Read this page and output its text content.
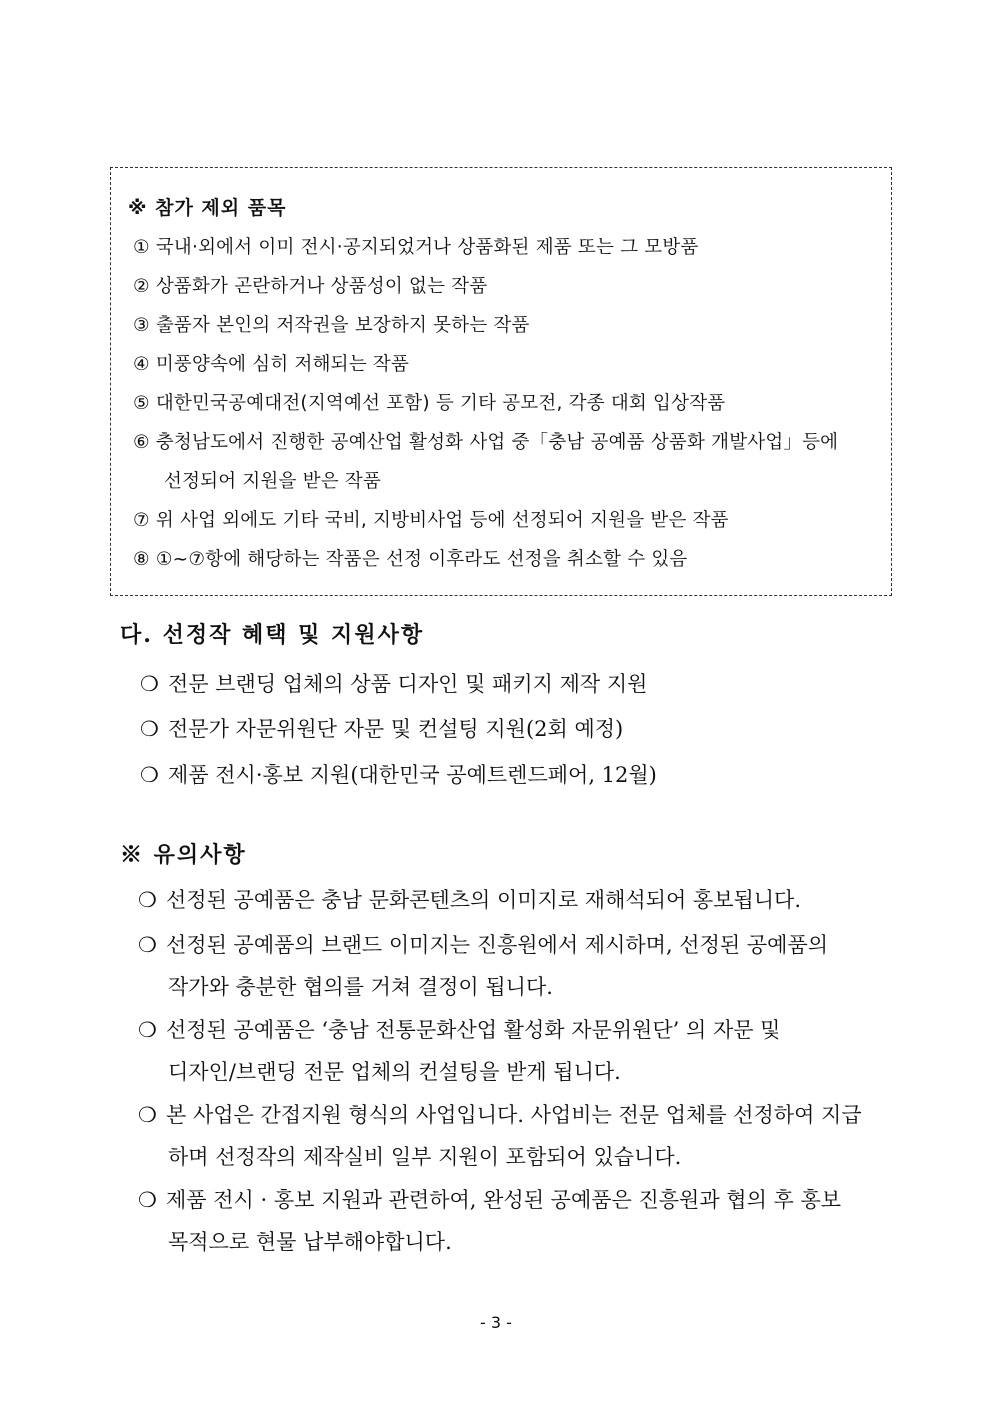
※ 참가 제외 품목
① 국내·외에서 이미 전시·공지되었거나 상품화된 제품 또는 그 모방품
② 상품화가 곤란하거나 상품성이 없는 작품
③ 출품자 본인의 저작권을 보장하지 못하는 작품
④ 미풍양속에 심히 저해되는 작품
⑤ 대한민국공예대전(지역예선 포함) 등 기타 공모전, 각종 대회 입상작품
⑥ 충청남도에서 진행한 공예산업 활성화 사업 중「충남 공예품 상품화 개발사업」등에
선정되어 지원을 받은 작품
⑦ 위 사업 외에도 기타 국비, 지방비사업 등에 선정되어 지원을 받은 작품
⑧ ①~⑦항에 해당하는 작품은 선정 이후라도 선정을 취소할 수 있음
다. 선정작 혜택 및 지원사항
❍ 전문 브랜딩 업체의 상품 디자인 및 패키지 제작 지원
❍ 전문가 자문위원단 자문 및 컨설팅 지원(2회 예정)
❍ 제품 전시·홍보 지원(대한민국 공예트렌드페어, 12월)
※ 유의사항
❍ 선정된 공예품은 충남 문화콘텐츠의 이미지로 재해석되어 홍보됩니다.
❍ 선정된 공예품의 브랜드 이미지는 진흥원에서 제시하며, 선정된 공예품의
작가와 충분한 협의를 거쳐 결정이 됩니다.
❍ 선정된 공예품은 ‘충남 전통문화산업 활성화 자문위원단’ 의 자문 및
디자인/브랜딩 전문 업체의 컨설팅을 받게 됩니다.
❍ 본 사업은 간접지원 형식의 사업입니다. 사업비는 전문 업체를 선정하여 지급
하며 선정작의 제작실비 일부 지원이 포함되어 있습니다.
❍ 제품 전시 · 홍보 지원과 관련하여, 완성된 공예품은 진흥원과 협의 후 홍보
목적으로 현물 납부해야합니다.
- 3 -
